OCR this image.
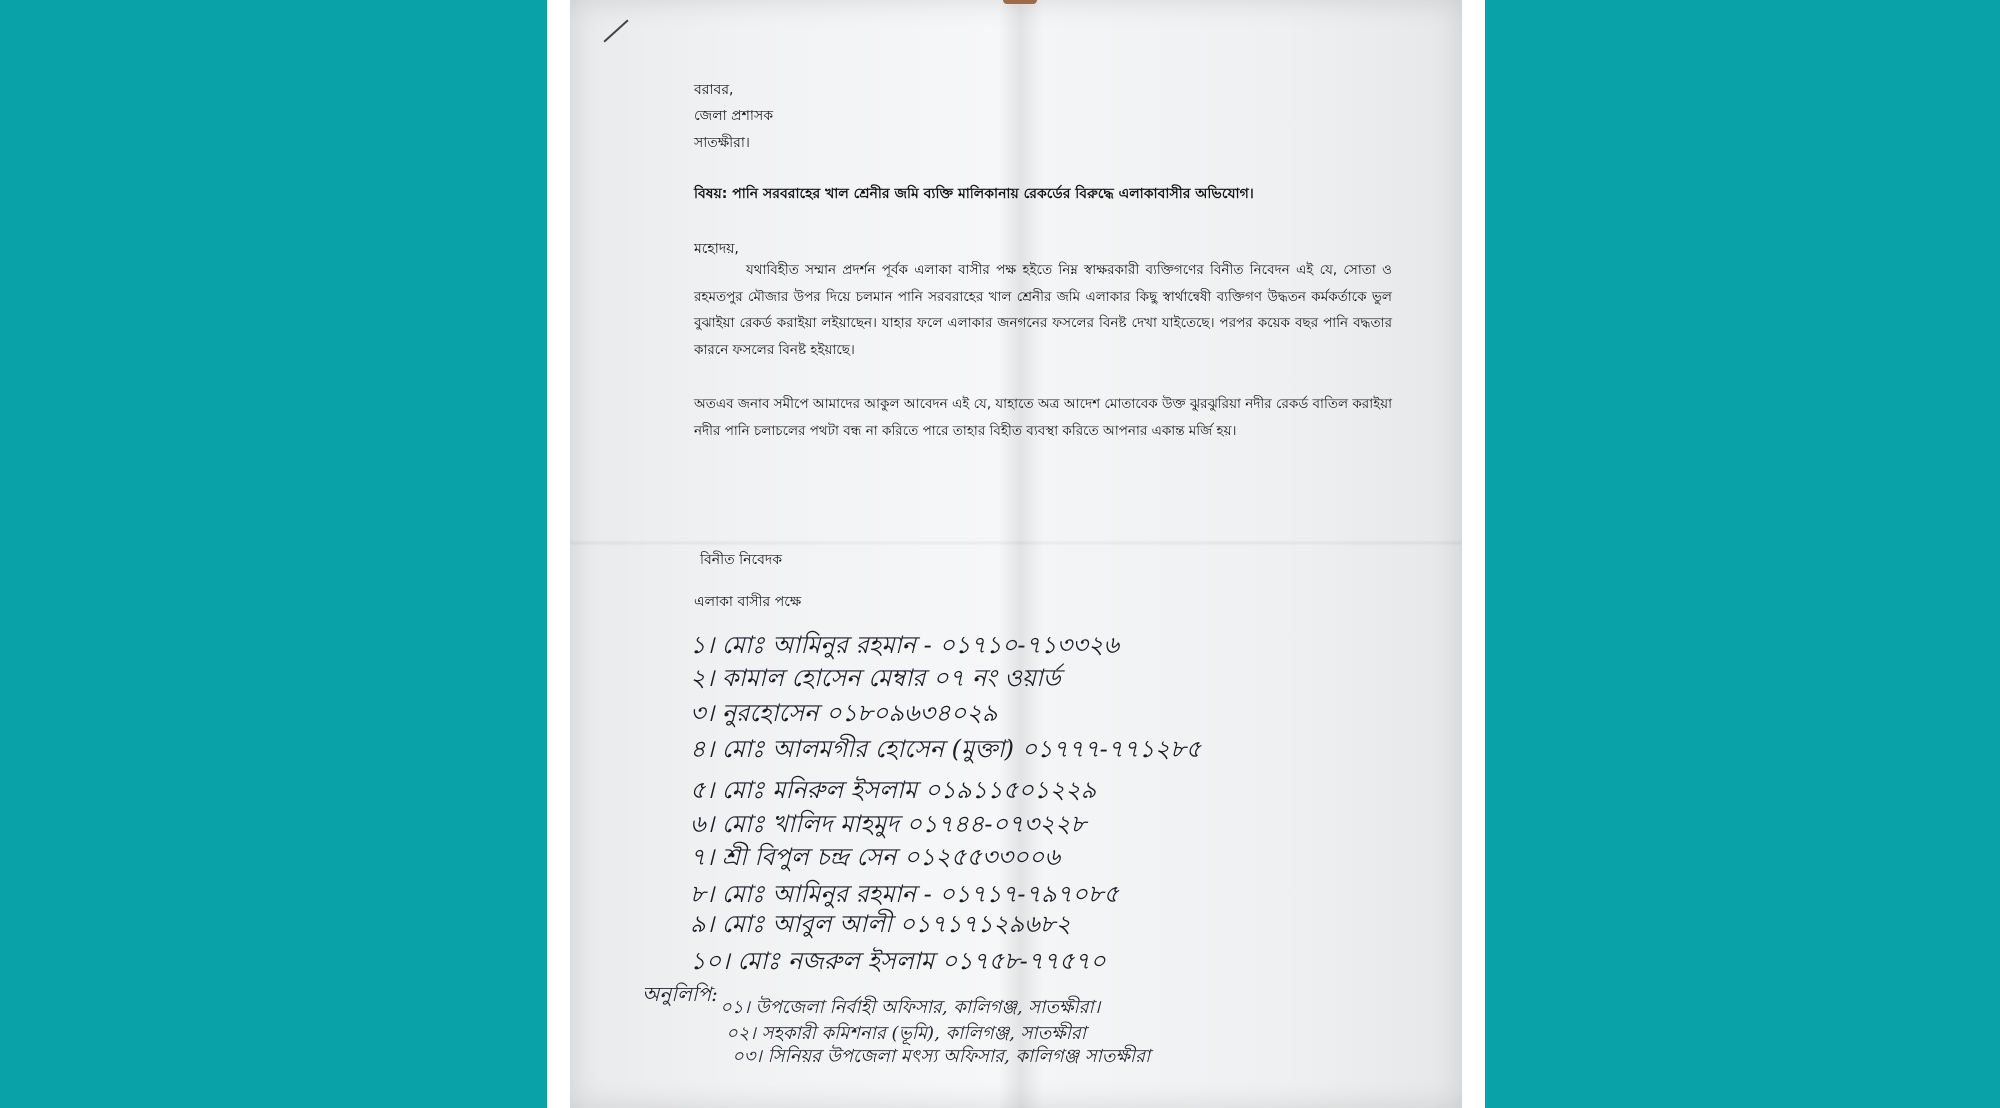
বরাবর,
জেলা প্রশাসক
সাতক্ষীরা।
বিষয়: পানি সরবরাহের খাল শ্রেনীর জমি ব্যক্তি মালিকানায় রেকর্ডের বিরুদ্ধে এলাকাবাসীর অভিযোগ।
মহোদয়,
যথাবিহীত সম্মান প্রদর্শন পূর্বক এলাকা বাসীর পক্ষ হইতে নিম্ন স্বাক্ষরকারী ব্যক্তিগণের বিনীত নিবেদন এই যে, সোতা ও রহমতপুর মৌজার উপর দিয়ে চলমান পানি সরবরাহের খাল শ্রেনীর জমি এলাকার কিছু স্বার্থান্বেষী ব্যক্তিগণ উদ্ধতন কর্মকর্তাকে ভুল বুঝাইয়া রেকর্ড করাইয়া লইয়াছেন। যাহার ফলে এলাকার জনগনের ফসলের বিনষ্ট দেখা যাইতেছে। পরপর কয়েক বছর পানি বদ্ধতার কারনে ফসলের বিনষ্ট হইয়াছে।
অতএব জনাব সমীপে আমাদের আকুল আবেদন এই যে, যাহাতে অত্র আদেশ মোতাবেক উক্ত ঝুরঝুরিয়া নদীর রেকর্ড বাতিল করাইয়া নদীর পানি চলাচলের পথটা বন্ধ না করিতে পারে তাহার বিহীত ব্যবস্থা করিতে আপনার একান্ত মর্জি হয়।
বিনীত নিবেদক
এলাকা বাসীর পক্ষে
১। মোঃ আমিনুর রহমান - ০১৭১০-৭১৩৩২৬
২। কামাল হোসেন মেম্বার ০৭ নং ওয়ার্ড
৩। নুরহোসেন ০১৮০৯৬৩৪০২৯
৪। মোঃ আলমগীর হোসেন (মুক্তা) ০১৭৭৭-৭৭১২৮৫
৫। মোঃ মনিরুল ইসলাম ০১৯১১৫০১২২৯
৬। মোঃ খালিদ মাহমুদ ০১৭৪৪-০৭৩২২৮
৭। শ্রী বিপুল চন্দ্র সেন ০১২৫৫৩৩০০৬
৮। মোঃ আমিনুর রহমান - ০১৭১৭-৭৯৭০৮৫
৯। মোঃ আবুল আলী ০১৭১৭১২৯৬৮২
১০। মোঃ নজরুল ইসলাম ০১৭৫৮-৭৭৫৭০
অনুলিপি:
০১। উপজেলা নির্বাহী অফিসার, কালিগঞ্জ, সাতক্ষীরা।
০২। সহকারী কমিশনার (ভূমি), কালিগঞ্জ, সাতক্ষীরা
০৩। সিনিয়র উপজেলা মৎস্য অফিসার, কালিগঞ্জ সাতক্ষীরা
